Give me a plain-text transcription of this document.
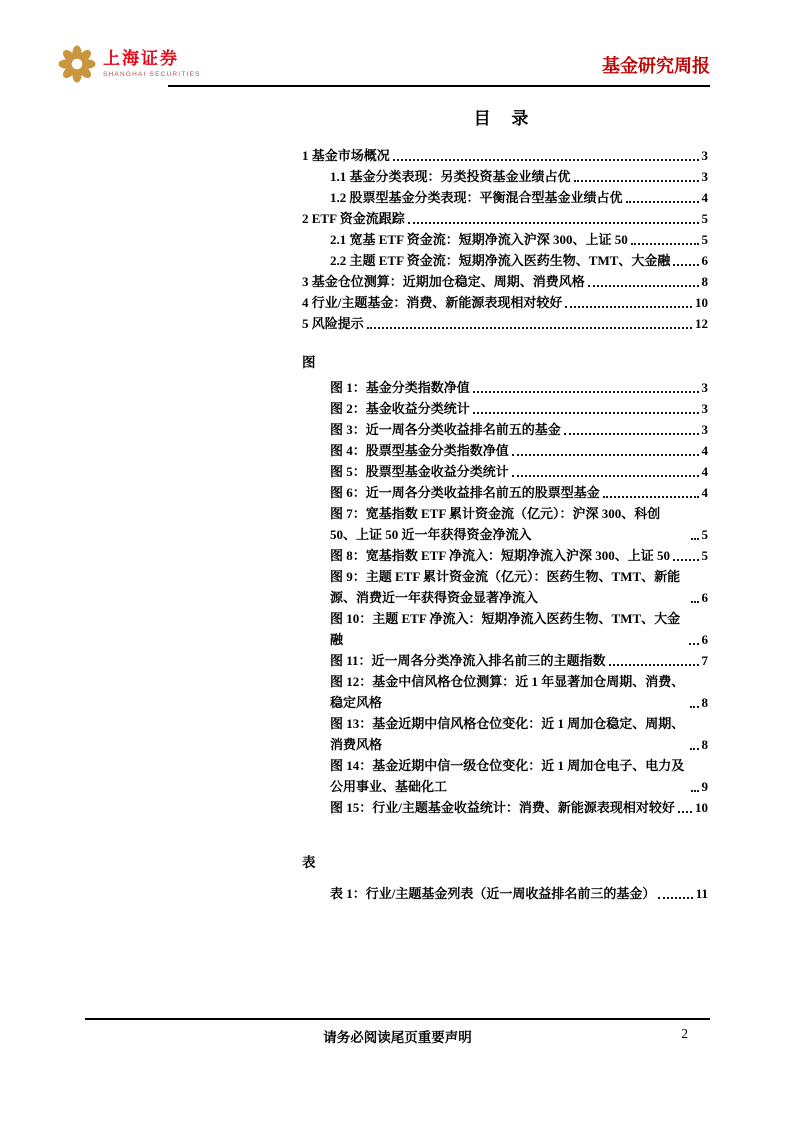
上海证券
SHANGHAI SECURITIES	基金研究周报
目 录
1 基金市场概况	3
1.1 基金分类表现：另类投资基金业绩占优	3
1.2 股票型基金分类表现：平衡混合型基金业绩占优	4
2 ETF 资金流跟踪	5
2.1 宽基 ETF 资金流：短期净流入沪深 300、上证 50	5
2.2 主题 ETF 资金流：短期净流入医药生物、TMT、大金融 6
3 基金仓位测算：近期加仓稳定、周期、消费风格	8
4 行业/主题基金：消费、新能源表现相对较好	10
5 风险提示	12
图
图 1：基金分类指数净值	3
图 2：基金收益分类统计	3
图 3：近一周各分类收益排名前五的基金	3
图 4：股票型基金分类指数净值	4
图 5：股票型基金收益分类统计	4
图 6：近一周各分类收益排名前五的股票型基金	4
图 7：宽基指数 ETF 累计资金流（亿元）：沪深 300、科创 50、上证 50 近一年获得资金净流入	5
图 8：宽基指数 ETF 净流入：短期净流入沪深 300、上证 50 5
图 9：主题 ETF 累计资金流（亿元）：医药生物、TMT、新能源、消费近一年获得资金显著净流入	6
图 10：主题 ETF 净流入：短期净流入医药生物、TMT、大金融	6
图 11：近一周各分类净流入排名前三的主题指数	7
图 12：基金中信风格仓位测算：近 1 年显著加仓周期、消费、稳定风格	8
图 13：基金近期中信风格仓位变化：近 1 周加仓稳定、周期、消费风格	8
图 14：基金近期中信一级仓位变化：近 1 周加仓电子、电力及公用事业、基础化工	9
图 15：行业/主题基金收益统计：消费、新能源表现相对较好 10
表
表 1：行业/主题基金列表（近一周收益排名前三的基金）	11
请务必阅读尾页重要声明	2
